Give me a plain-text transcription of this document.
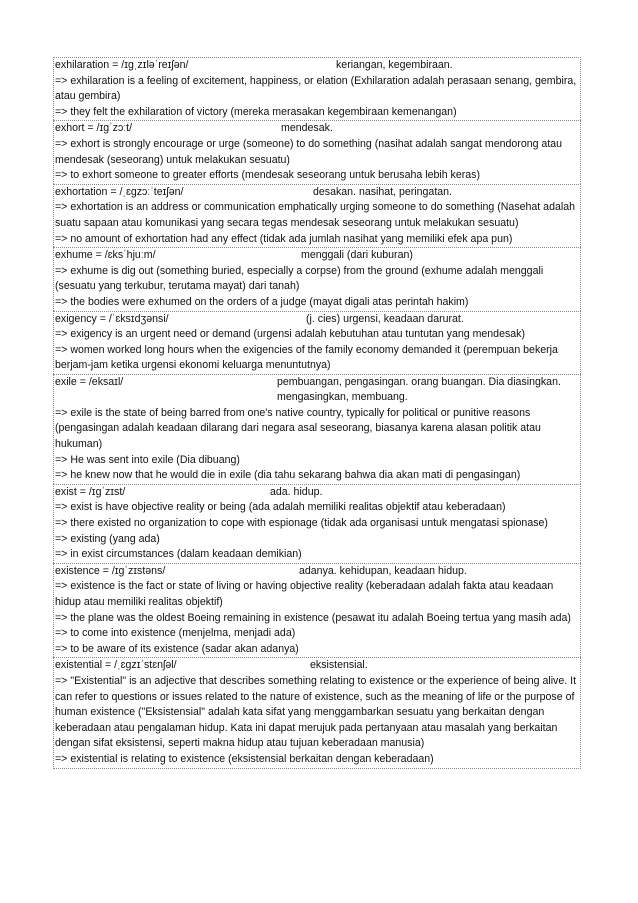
exhilaration = /ɪɡˌzɪləˈreɪʃən/	keriangan, kegembiraan.
=> exhilaration is a feeling of excitement, happiness, or elation (Exhilaration adalah perasaan senang, gembira, atau gembira)
=> they felt the exhilaration of victory (mereka merasakan kegembiraan kemenangan)
exhort = /ɪɡˈzɔːt/	mendesak.
=> exhort is strongly encourage or urge (someone) to do something (nasihat adalah sangat mendorong atau mendesak (seseorang) untuk melakukan sesuatu)
=> to exhort someone to greater efforts (mendesak seseorang untuk berusaha lebih keras)
exhortation = /ˌɛɡzɔːˈteɪʃən/	desakan. nasihat, peringatan.
=> exhortation is an address or communication emphatically urging someone to do something (Nasehat adalah suatu sapaan atau komunikasi yang secara tegas mendesak seseorang untuk melakukan sesuatu)
=> no amount of exhortation had any effect (tidak ada jumlah nasihat yang memiliki efek apa pun)
exhume = /ɛksˈhjuːm/	menggali (dari kuburan)
=> exhume is dig out (something buried, especially a corpse) from the ground (exhume adalah menggali (sesuatu yang terkubur, terutama mayat) dari tanah)
=> the bodies were exhumed on the orders of a judge (mayat digali atas perintah hakim)
exigency = /ˈɛksɪdʒənsi/	(j. cies) urgensi, keadaan darurat.
=> exigency is an urgent need or demand (urgensi adalah kebutuhan atau tuntutan yang mendesak)
=> women worked long hours when the exigencies of the family economy demanded it (perempuan bekerja berjam-jam ketika urgensi ekonomi keluarga menuntutnya)
exile = /eksaɪl/	pembuangan, pengasingan. orang buangan. Dia diasingkan. mengasingkan, membuang.
=> exile is the state of being barred from one's native country, typically for political or punitive reasons (pengasingan adalah keadaan dilarang dari negara asal seseorang, biasanya karena alasan politik atau hukuman)
=> He was sent into exile (Dia dibuang)
=> he knew now that he would die in exile (dia tahu sekarang bahwa dia akan mati di pengasingan)
exist = /ɪɡˈzɪst/	ada. hidup.
=> exist is have objective reality or being (ada adalah memiliki realitas objektif atau keberadaan)
=> there existed no organization to cope with espionage (tidak ada organisasi untuk mengatasi spionase)
=> existing (yang ada)
=> in exist circumstances (dalam keadaan demikian)
existence = /ɪɡˈzɪstəns/	adanya. kehidupan, keadaan hidup.
=> existence is the fact or state of living or having objective reality (keberadaan adalah fakta atau keadaan hidup atau memiliki realitas objektif)
=> the plane was the oldest Boeing remaining in existence (pesawat itu adalah Boeing tertua yang masih ada)
=> to come into existence (menjelma, menjadi ada)
=> to be aware of its existence (sadar akan adanya)
existential = /ˌɛɡzɪˈstɛnʃəl/	eksistensial.
=> "Existential" is an adjective that describes something relating to existence or the experience of being alive. It can refer to questions or issues related to the nature of existence, such as the meaning of life or the purpose of human existence ("Eksistensial" adalah kata sifat yang menggambarkan sesuatu yang berkaitan dengan keberadaan atau pengalaman hidup. Kata ini dapat merujuk pada pertanyaan atau masalah yang berkaitan dengan sifat eksistensi, seperti makna hidup atau tujuan keberadaan manusia)
=> existential is relating to existence (eksistensial berkaitan dengan keberadaan)
